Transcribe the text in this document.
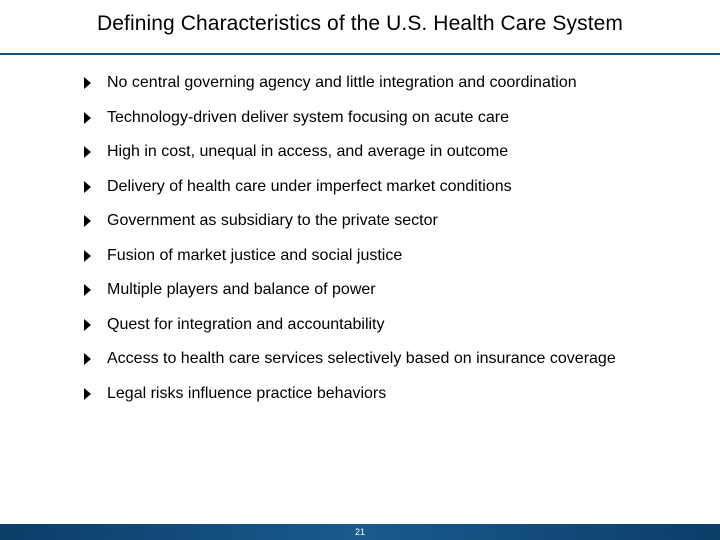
Defining Characteristics of the U.S. Health Care System
No central governing agency and little integration and coordination
Technology-driven deliver system focusing on acute care
High in cost, unequal in access, and average in outcome
Delivery of health care under imperfect market conditions
Government as subsidiary to the private sector
Fusion of market justice and social justice
Multiple players and balance of power
Quest for integration and accountability
Access to health care services selectively based on insurance coverage
Legal risks influence practice behaviors
21
